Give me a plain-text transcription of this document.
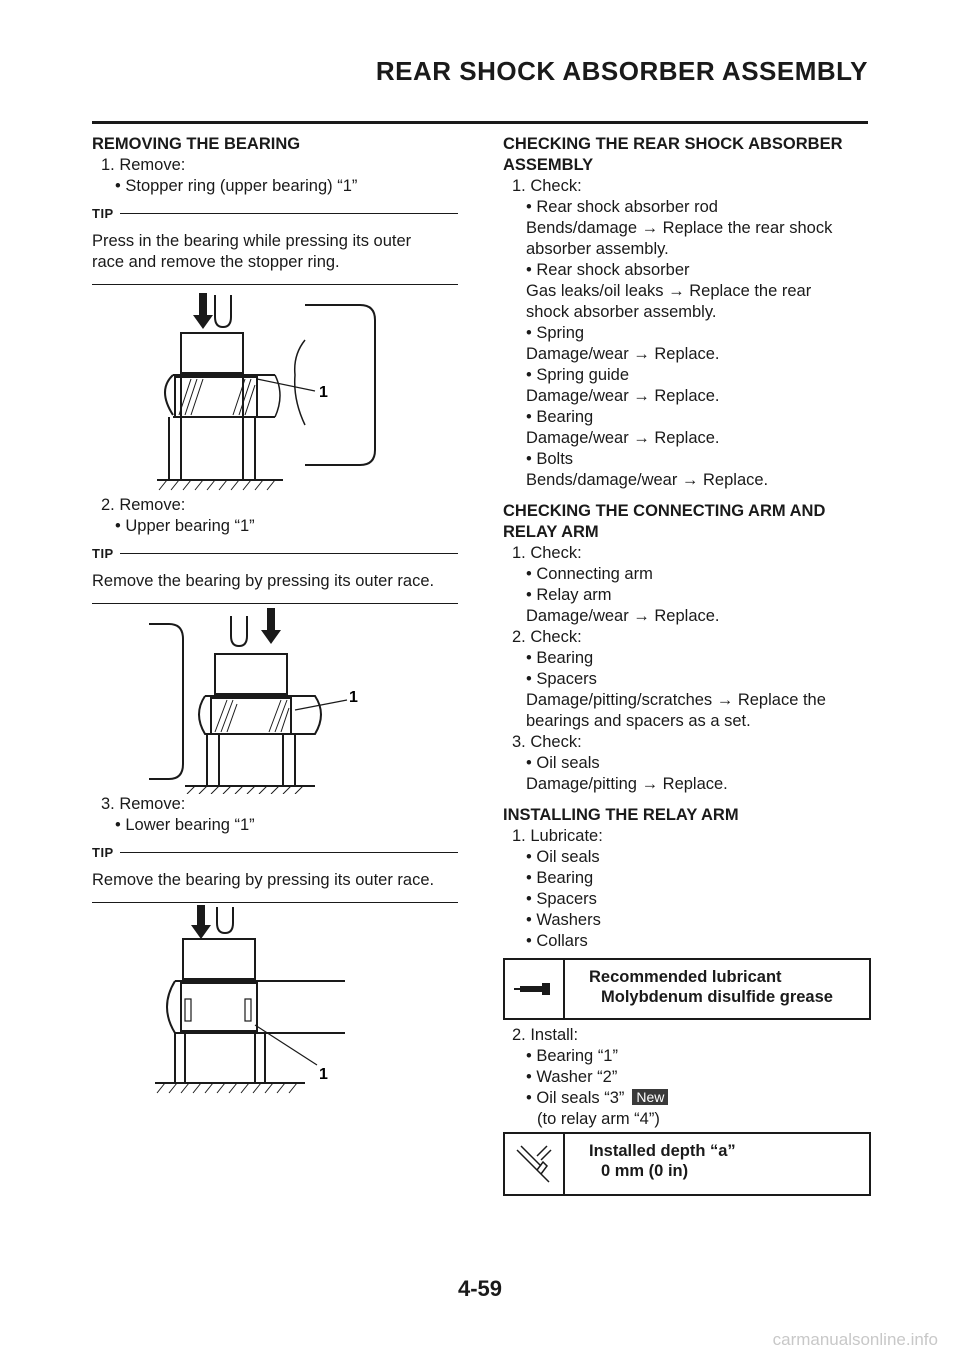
REAR SHOCK ABSORBER ASSEMBLY

REMOVING THE BEARING

1. Remove:

• Stopper ring (upper bearing) “1”

TIP

Press in the bearing while pressing its outer

race and remove the stopper ring.

1

2. Remove:

• Upper bearing “1”

TIP

Remove the bearing by pressing its outer race.

1

3. Remove:

• Lower bearing “1”

TIP

Remove the bearing by pressing its outer race.

1

CHECKING THE REAR SHOCK ABSORBER

ASSEMBLY

1. Check:

• Rear shock absorber rod

Bends/damage → Replace the rear shock

absorber assembly.

• Rear shock absorber

Gas leaks/oil leaks → Replace the rear

shock absorber assembly.

• Spring

Damage/wear → Replace.

• Spring guide

Damage/wear → Replace.

• Bearing

Damage/wear → Replace.

• Bolts

Bends/damage/wear → Replace.

CHECKING THE CONNECTING ARM AND

RELAY ARM

1. Check:

• Connecting arm

• Relay arm

Damage/wear → Replace.

2. Check:

• Bearing

• Spacers

Damage/pitting/scratches → Replace the

bearings and spacers as a set.

3. Check:

• Oil seals

Damage/pitting → Replace.

INSTALLING THE RELAY ARM

1. Lubricate:

• Oil seals

• Bearing

• Spacers

• Washers

• Collars

Recommended lubricant
Molybdenum disulfide grease

2. Install:

• Bearing “1”

• Washer “2”

• Oil seals “3” New

(to relay arm “4”)

Installed depth “a”
0 mm (0 in)
4-59
carmanualsonline.info
